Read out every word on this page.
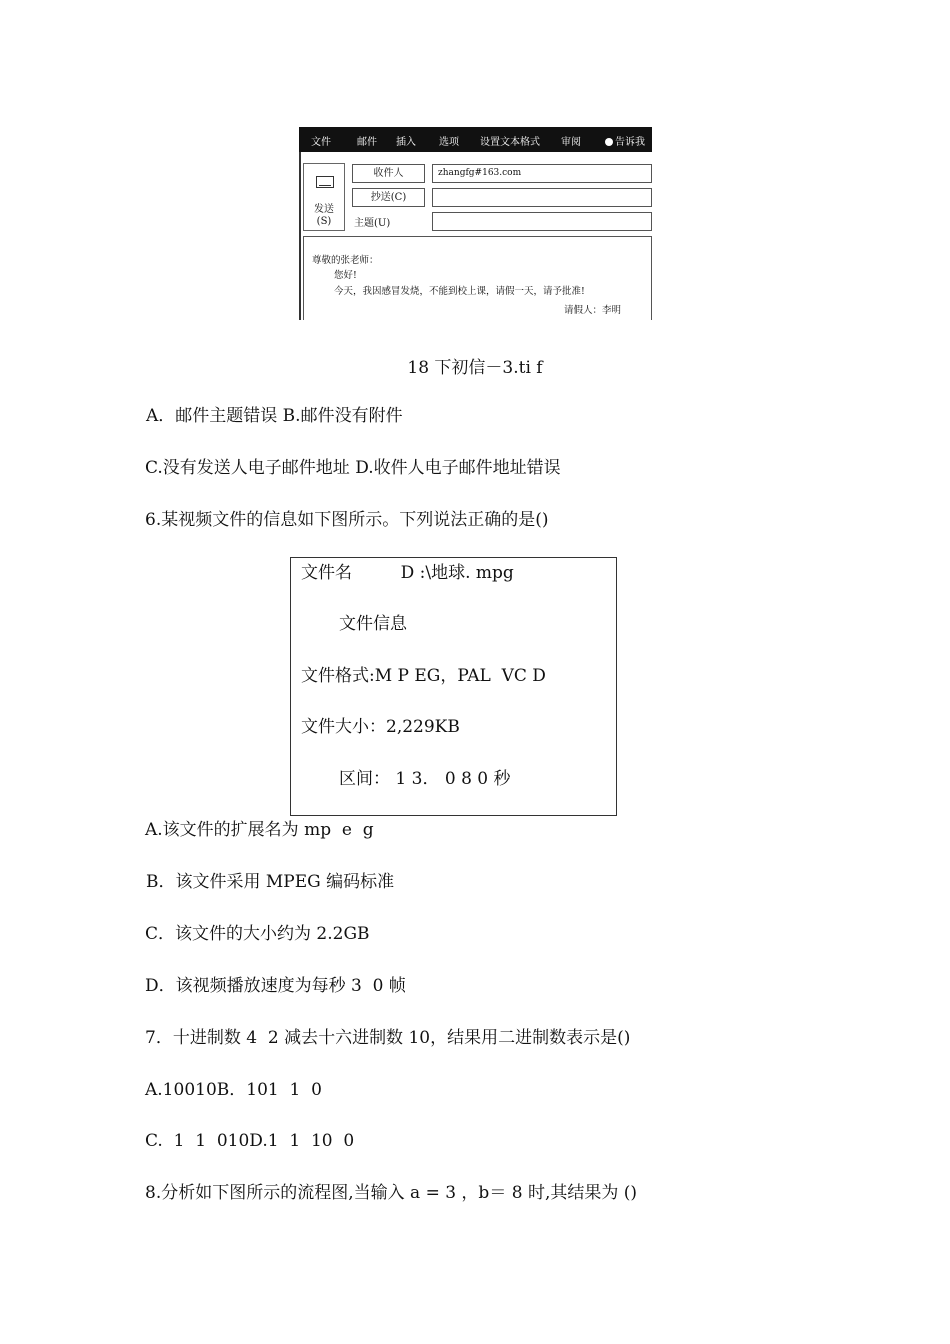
文件	邮件 插入 选项 设置文本格式 审阅	告诉我
发送
(S)
收件人
抄送(C)
主题(U)
zhangfg#163.com
尊敬的张老师：
您好!
今天，我因感冒发烧，不能到校上课，请假一天，请予批准!
请假人：李明
18 下初信－3.ti f
A．邮件主题错误 B.邮件没有附件
C.没有发送人电子邮件地址 D.收件人电子邮件地址错误
6.某视频文件的信息如下图所示。下列说法正确的是()
文件名         D :\地球. mpg
文件信息
文件格式:M P EG，PAL  VC D
文件大小：2,229KB
区间： 1 3． 0 8 0 秒
A.该文件的扩展名为 mp  e  g
B．该文件采用 MPEG 编码标准
C．该文件的大小约为 2.2GB
D．该视频播放速度为每秒 3  0 帧
7．十进制数 4  2 减去十六进制数 10，结果用二进制数表示是()
A.10010B．101  1  0
C.  1  1  010D.1  1  10  0
8.分析如下图所示的流程图,当输入 a = 3 ，b＝ 8 时,其结果为 ()
